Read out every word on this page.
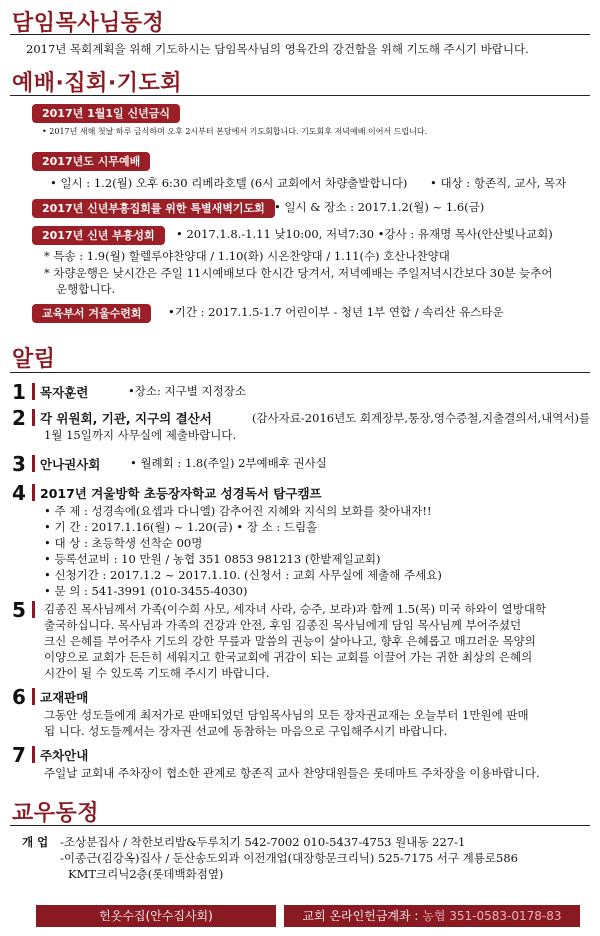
담임목사님동정

2017년 목회계획을 위해 기도하시는 담임목사님의 영육간의 강건함을 위해 기도해 주시기 바랍니다.

예배·집회·기도회
2017년 1월1일 신년금식

• 2017년 새해 첫날 하루 금식하며 오후 2시부터 본당에서 기도회합니다. 기도회후 저녁예배 이어서 드립니다.

2017년도 시무예배

• 일시 : 1.2(월) 오후 6:30 리베라호텔 (6시 교회에서 차량출발합니다) • 대상 : 항존직, 교사, 목자

2017년 신년부흥집회를 위한 특별새벽기도회 • 일시 & 장소 : 2017.1.2(월) ~ 1.6(금)

2017년 신년 부흥성회	• 2017.1.8.-1.11 낮10:00, 저녁7:30 •강사 : 유재명 목사(안산빛나교회)

* 특송 : 1.9(월) 할렐루야찬양대 / 1.10(화) 시온찬양대 / 1.11(수) 호산나찬양대

* 차량운행은 낮시간은 주일 11시예배보다 한시간 당겨서, 저녁예배는 주일저녁시간보다 30분 늦추어

운행합니다.

교육부서 겨울수련회	•기간 : 2017.1.5-1.7 어린이부 - 청년 1부 연합 / 속리산 유스타운

알림
1 목자훈련	•장소: 지구별 지정장소

2 각 위원회, 기관, 지구의 결산서	(감사자료-2016년도 회계장부,통장,영수증철,지출결의서,내역서)를

1월 15일까지 사무실에 제출바랍니다.

3 안나권사회	• 월례회 : 1.8(주일) 2부예배후 권사실

4 2017년 겨울방학 초등장자학교 성경독서 탐구캠프

• 주 제 : 성경속에(요셉과 다니엘) 감추어진 지혜와 지식의 보화를 찾아내자!!

• 기 간 : 2017.1.16(월) ~ 1.20(금) • 장 소 : 드림홀

• 대 상 : 초등학생 선착순 00명

• 등록선교비 : 10 만원 / 농협 351 0853 981213 (한밭제일교회)

• 신청기간 : 2017.1.2 ~ 2017.1.10. (신청서 : 교회 사무실에 제출해 주세요)

• 문 의 : 541-3991 (010-3455-4030)

5 김종진 목사님께서 가족(이수희 사모, 세자녀 사라, 승주, 보라)과 함께 1.5(목) 미국 하와이 열방대학

출국하십니다. 목사님과 가족의 건강과 안전, 후임 김종진 목사님에게 담임 목사님께 부어주셨던

크신 은혜를 부어주사 기도의 강한 무릎과 말씀의 권능이 살아나고, 향후 은혜롭고 매끄러운 목양의

이양으로 교회가 든든히 세워지고 한국교회에 귀감이 되는 교회를 이끌어 가는 귀한 최상의 은혜의

시간이 될 수 있도록 기도해 주시기 바랍니다.

6 교재판매

그동안 성도들에게 최저가로 판매되었던 담임목사님의 모든 장자권교재는 오늘부터 1만원에 판매

됩 니다. 성도들께서는 장자권 선교에 동참하는 마음으로 구입해주시기 바랍니다.

7 주차안내

주일날 교회내 주차장이 협소한 관계로 항존직 교사 찬양대원들은 롯데마트 주차장을 이용바랍니다.

교우동정
개 업 -조상분집사 / 착한보리밥&두루치기 542-7002 010-5437-4753 원내동 227-1

-이종근(김강옥)집사 / 둔산송도외과 이전개업(대장항문크리닉) 525-7175 서구 계룡로586

KMT크리닉2층(롯데백화점옆)

헌옷수집(안수집사회)	교회 온라인헌금계좌 : 농협 351-0583-0178-83
